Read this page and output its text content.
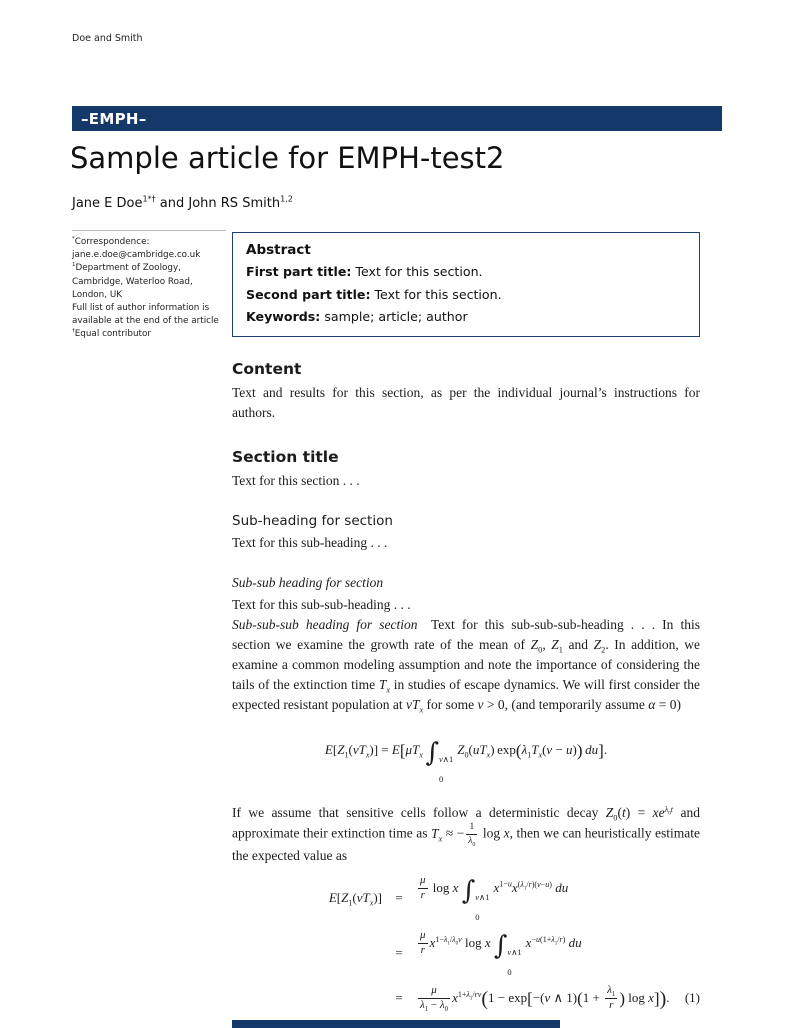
Doe and Smith
–EMPH–
Sample article for EMPH-test2
Jane E Doe$^{1*\dagger}$ and John RS Smith$^{1,2}$
*Correspondence:
jane.e.doe@cambridge.co.uk
$^1$Department of Zoology,
Cambridge, Waterloo Road,
London, UK
Full list of author information is
available at the end of the article
†Equal contributor
Abstract
First part title: Text for this section.
Second part title: Text for this section.
Keywords: sample; article; author
Content

Text and results for this section, as per the individual journal’s instructions for authors.

Section title

Text for this section . . .

Sub-heading for section

Text for this sub-heading . . .

Sub-sub heading for section

Text for this sub-sub-heading . . .

Sub-sub-sub heading for section Text for this sub-sub-sub-heading . . . In this section we examine the growth rate of the mean of $Z_0$, $Z_1$ and $Z_2$. In addition, we examine a common modeling assumption and note the importance of considering the tails of the extinction time $T_x$ in studies of escape dynamics. We will first consider the expected resistant population at $vT_x$ for some v > 0, (and temporarily assume α = 0)

$E[Z_1(vT_x)] = E[\mu T_x$  ∫ v∧1
0
$Z_0(uT_x) \exp(\lambda_1T_x(v - u))$  du].

If we assume that sensitive cells follow a deterministic decay $Z_0(t) = xe^{\lambda_0t}$ and approximate their extinction time as $T_x$ ≈ − $\frac{1}{\lambda_0}$ log x, then we can heuristically estimate the expected value as

$E[Z_1(vT_x)]$	=	$\frac{\mu}{r}$ log x ∫ v∧1
0
$x^{1-u}x^{(\lambda_1/r)(v-u)}$ du
=	$\frac{\mu}{r} x^{1-\lambda_1/\lambda_0v}$ log x ∫ v∧1
0
$x^{-u(1+\lambda_1/r)}$ du
=	$\frac{\mu}{\lambda_1 - \lambda_0} x^{1+\lambda_1/rv}(1 - \exp[-(v$ ∧ $1)(1 + \frac{\lambda_1}{r}$ ) log x]).	(1)
